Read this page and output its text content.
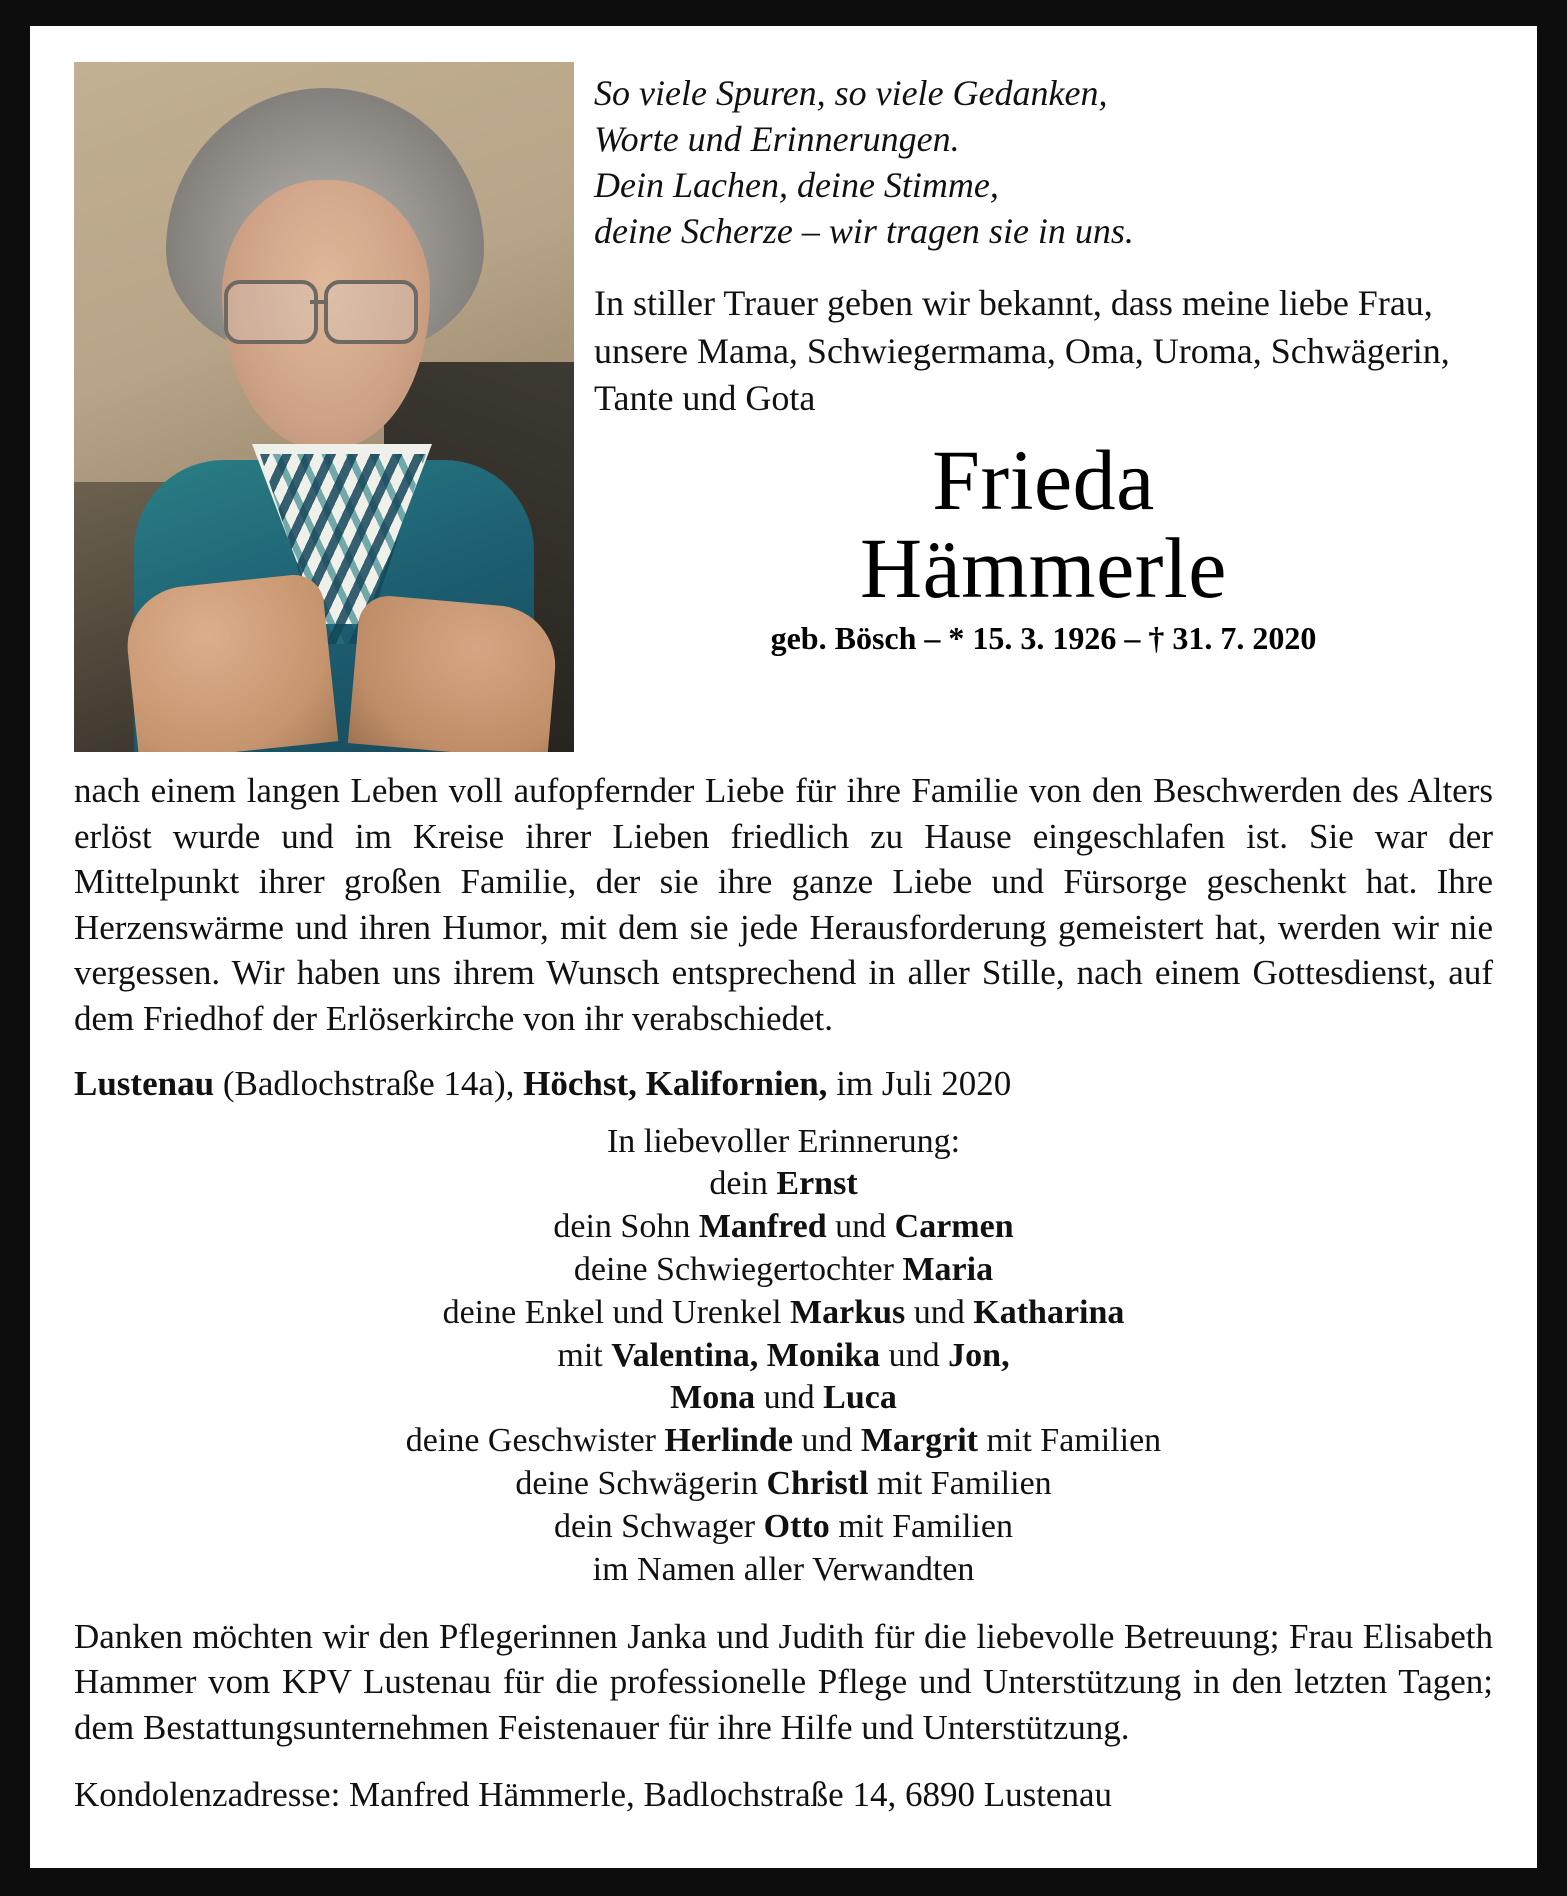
So viele Spuren, so viele Gedanken,
Worte und Erinnerungen.
Dein Lachen, deine Stimme,
deine Scherze – wir tragen sie in uns.

In stiller Trauer geben wir bekannt, dass meine liebe Frau, unsere Mama, Schwiegermama, Oma, Uroma, Schwägerin, Tante und Gota

Frieda
Hämmerle
geb. Bösch – * 15. 3. 1926 – † 31. 7. 2020

nach einem langen Leben voll aufopfernder Liebe für ihre Familie von den Beschwerden des Alters erlöst wurde und im Kreise ihrer Lieben friedlich zu Hause eingeschlafen ist. Sie war der Mittelpunkt ihrer großen Familie, der sie ihre ganze Liebe und Fürsorge geschenkt hat. Ihre Herzenswärme und ihren Humor, mit dem sie jede Herausforderung gemeistert hat, werden wir nie vergessen. Wir haben uns ihrem Wunsch entsprechend in aller Stille, nach einem Gottesdienst, auf dem Friedhof der Erlöserkirche von ihr verabschiedet.

Lustenau (Badlochstraße 14a), Höchst, Kalifornien, im Juli 2020

In liebevoller Erinnerung:
dein Ernst
dein Sohn Manfred und Carmen
deine Schwiegertochter Maria
deine Enkel und Urenkel Markus und Katharina
mit Valentina, Monika und Jon,
Mona und Luca
deine Geschwister Herlinde und Margrit mit Familien
deine Schwägerin Christl mit Familien
dein Schwager Otto mit Familien
im Namen aller Verwandten

Danken möchten wir den Pflegerinnen Janka und Judith für die liebevolle Betreuung; Frau Elisabeth Hammer vom KPV Lustenau für die professionelle Pflege und Unterstützung in den letzten Tagen; dem Bestattungsunternehmen Feistenauer für ihre Hilfe und Unterstützung.

Kondolenzadresse: Manfred Hämmerle, Badlochstraße 14, 6890 Lustenau
